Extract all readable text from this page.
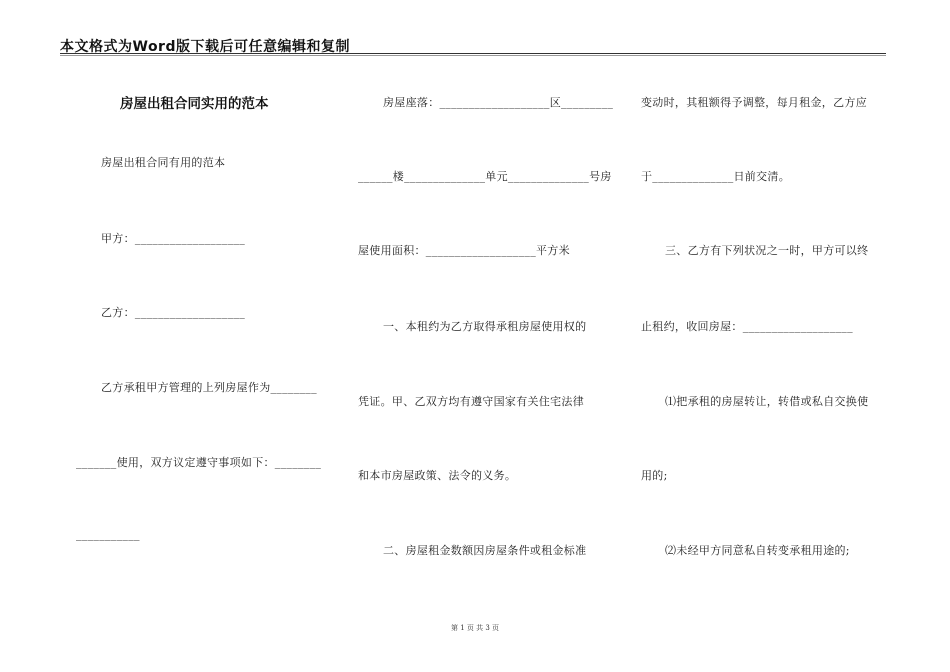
本文格式为Word版下载后可任意编辑和复制
房屋出租合同实用的范本
房屋出租合同有用的范本
甲方：___________________
乙方：___________________
乙方承租甲方管理的上列房屋作为________
_______使用，双方议定遵守事项如下：________
___________
房屋座落：___________________区_________
______楼______________单元______________号房
屋使用面积：___________________平方米
一、本租约为乙方取得承租房屋使用权的
凭证。甲、乙双方均有遵守国家有关住宅法律
和本市房屋政策、法令的义务。
二、房屋租金数额因房屋条件或租金标准
变动时，其租额得予调整，每月租金，乙方应
于______________日前交清。
三、乙方有下列状况之一时，甲方可以终
止租约，收回房屋：___________________
⑴把承租的房屋转让，转借或私自交换使
用的;
⑵未经甲方同意私自转变承租用途的;
第 1 页 共 3 页
